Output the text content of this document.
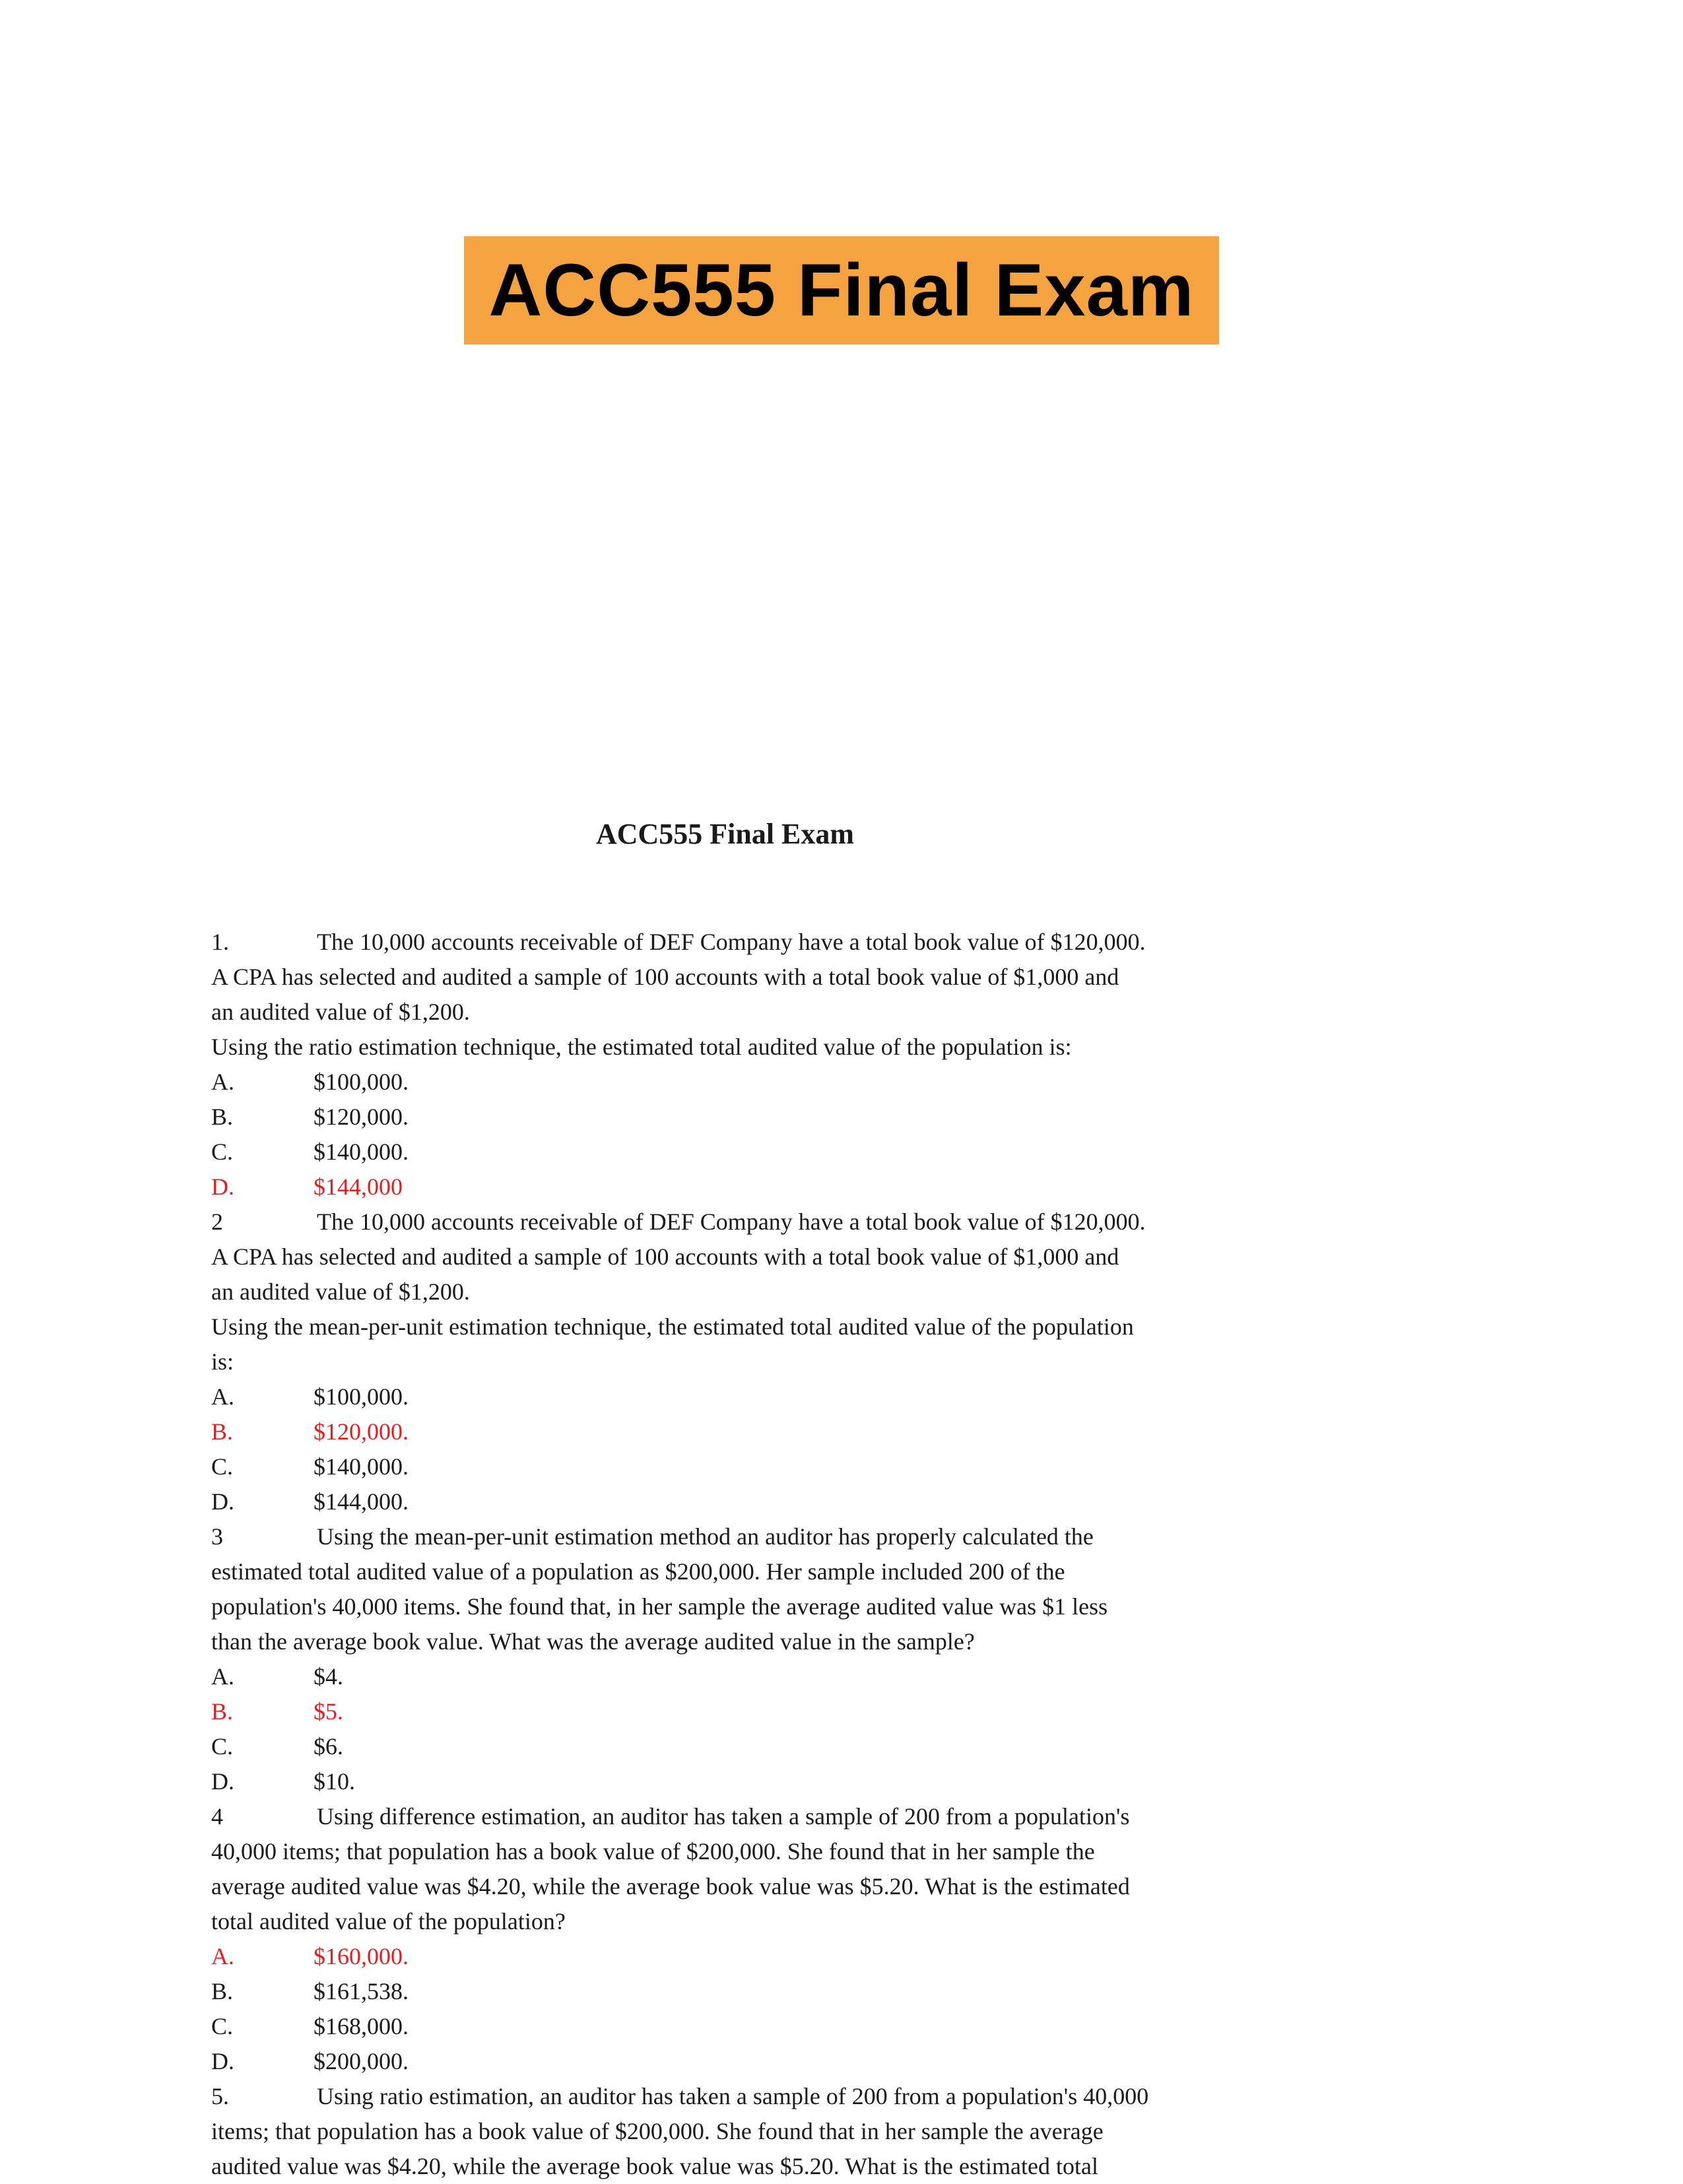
ACC555 Final Exam
ACC555 Final Exam
1.	The 10,000 accounts receivable of DEF Company have a total book value of $120,000.
A CPA has selected and audited a sample of 100 accounts with a total book value of $1,000 and
an audited value of $1,200.
Using the ratio estimation technique, the estimated total audited value of the population is:
A.	$100,000.
B.	$120,000.
C.	$140,000.
D.	$144,000
2	The 10,000 accounts receivable of DEF Company have a total book value of $120,000.
A CPA has selected and audited a sample of 100 accounts with a total book value of $1,000 and
an audited value of $1,200.
Using the mean-per-unit estimation technique, the estimated total audited value of the population
is:
A.	$100,000.
B.	$120,000.
C.	$140,000.
D.	$144,000.
3	Using the mean-per-unit estimation method an auditor has properly calculated the
estimated total audited value of a population as $200,000. Her sample included 200 of the
population's 40,000 items. She found that, in her sample the average audited value was $1 less
than the average book value. What was the average audited value in the sample?
A.	$4.
B.	$5.
C.	$6.
D.	$10.
4	Using difference estimation, an auditor has taken a sample of 200 from a population's
40,000 items; that population has a book value of $200,000. She found that in her sample the
average audited value was $4.20, while the average book value was $5.20. What is the estimated
total audited value of the population?
A.	$160,000.
B.	$161,538.
C.	$168,000.
D.	$200,000.
5.	Using ratio estimation, an auditor has taken a sample of 200 from a population's 40,000
items; that population has a book value of $200,000. She found that in her sample the average
audited value was $4.20, while the average book value was $5.20. What is the estimated total
